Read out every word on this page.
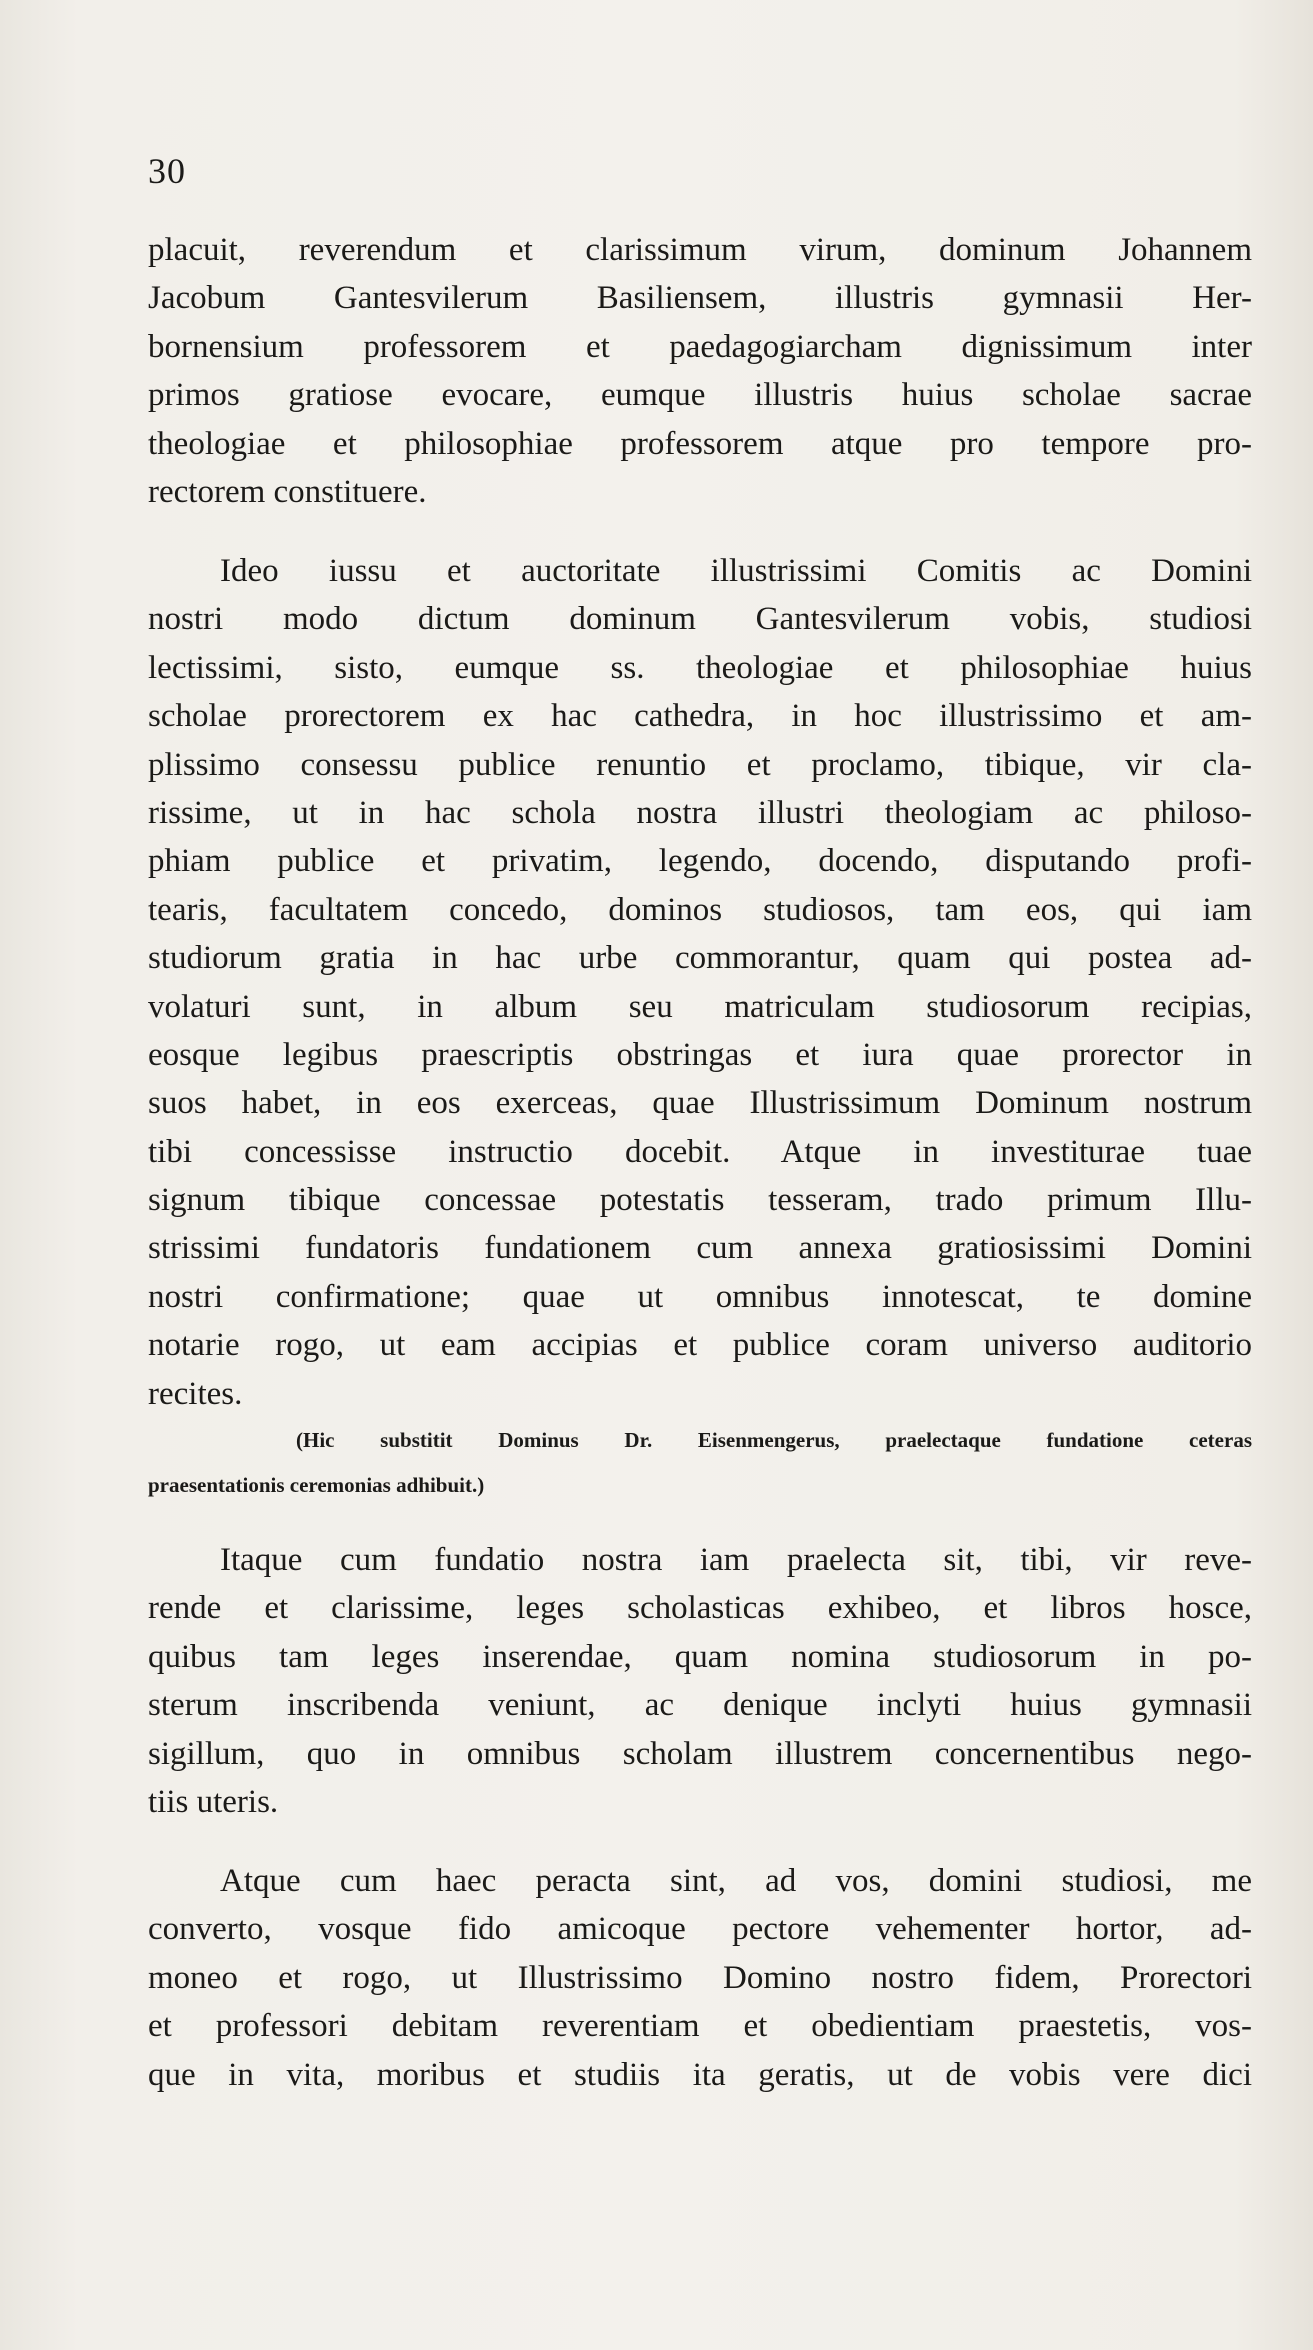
30
placuit, reverendum et clarissimum virum, dominum Johannem
Jacobum Gantesvilerum Basiliensem, illustris gymnasii Her-
bornensium professorem et paedagogiarcham dignissimum inter
primos gratiose evocare, eumque illustris huius scholae sacrae
theologiae et philosophiae professorem atque pro tempore pro-
rectorem constituere.
Ideo iussu et auctoritate illustrissimi Comitis ac Domini
nostri modo dictum dominum Gantesvilerum vobis, studiosi
lectissimi, sisto, eumque ss. theologiae et philosophiae huius
scholae prorectorem ex hac cathedra, in hoc illustrissimo et am-
plissimo consessu publice renuntio et proclamo, tibique, vir cla-
rissime, ut in hac schola nostra illustri theologiam ac philoso-
phiam publice et privatim, legendo, docendo, disputando profi-
tearis, facultatem concedo, dominos studiosos, tam eos, qui iam
studiorum gratia in hac urbe commorantur, quam qui postea ad-
volaturi sunt, in album seu matriculam studiosorum recipias,
eosque legibus praescriptis obstringas et iura quae prorector in
suos habet, in eos exerceas, quae Illustrissimum Dominum nostrum
tibi concessisse instructio docebit. Atque in investiturae tuae
signum tibique concessae potestatis tesseram, trado primum Illu-
strissimi fundatoris fundationem cum annexa gratiosissimi Domini
nostri confirmatione; quae ut omnibus innotescat, te domine
notarie rogo, ut eam accipias et publice coram universo auditorio
recites.
(Hic substitit Dominus Dr. Eisenmengerus, praelectaque fundatione ceteras
praesentationis ceremonias adhibuit.)
Itaque cum fundatio nostra iam praelecta sit, tibi, vir reve-
rende et clarissime, leges scholasticas exhibeo, et libros hosce,
quibus tam leges inserendae, quam nomina studiosorum in po-
sterum inscribenda veniunt, ac denique inclyti huius gymnasii
sigillum, quo in omnibus scholam illustrem concernentibus nego-
tiis uteris.
Atque cum haec peracta sint, ad vos, domini studiosi, me
converto, vosque fido amicoque pectore vehementer hortor, ad-
moneo et rogo, ut Illustrissimo Domino nostro fidem, Prorectori
et professori debitam reverentiam et obedientiam praestetis, vos-
que in vita, moribus et studiis ita geratis, ut de vobis vere dici
